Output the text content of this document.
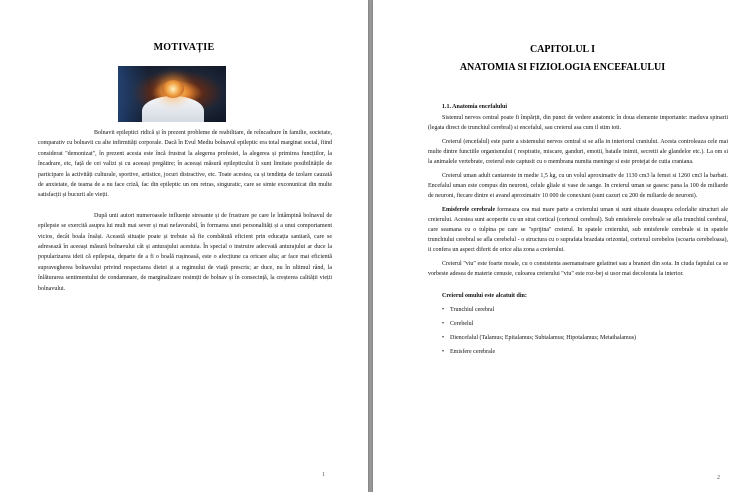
MOTIVAȚIE

Bolnavii epileptici ridică și în prezent probleme de reabilitare, de reîncadrare în familie, societate, comparativ cu bolnavii cu alte infirmități corporale. Dacă în Evul Mediu bolnavul epileptic era total marginat social, fiind considerat "demonizat", în prezent acesta este încă frustrat la alegerea profesiei, la alegerea și primirea funcțiilor, la încadrare, etc, față de cei valizi și cu aceeași pregătire; în aceeași măsură epilepticului îi sunt limitate posibilitățile de participare la activități culturale, sportive, artistice, jocuri distractive, etc. Toate acestea, ca și tendința de izolare cauzată de anxietate, de teama de a nu face criză, fac din epileptic un om retras, singuratic, care se simte exconunicat din multe satisfacții și bucurii ale vieții.

După unii autori numeroasele influențe stresante și de frustrare pe care le întâmpină bolnavul de epilepsie se exercită asupra lui mult mai sever și mai nefavorabil, în formarea unei personalități și a unui comportament vicios, decât boala însăși. Această situație poate și trebuie să fie combătută eficient prin educația sanitară, care se adresează în aceeași măsură bolnavului cât și anturajului acestuia. În special o instruire adecvată anturajului ar duce la popularizarea ideii că epilepsia, departe de a fi o boală rușinoasă, este o afecțiune ca oricare alta; ar face mai eficientă supravegherea bolnavului privind respectarea dietei și a regimului de viață prescris; ar duce, nu în ultimul rând, la înlăturarea sentimentului de condamnare, de marginalizare resimțit de bolnav și în consecință, la creșterea calității vieții bolnavului.

1
CAPITOLUL I
ANATOMIA SI FIZIOLOGIA ENCEFALULUI

1.1. Anatomia encefalului

Sistemul nervos central poate fi împărțit, din punct de vedere anatomic în doua elemente importante: maduva spinarii (legata direct de trunchiul cerebral) si encefalul, sau creierul asa cum il stim toti.

Creierul (encefalul) este parte a sistemului nervos central si se afla in interiorul craniului. Acesta controleaza cele mai multe dintre functiile organismului ( respiratie, miscare, ganduri, emotii, bataile inimii, secretii ale glandelor etc.). La om si la animalele vertebrate, creierul este captusit cu o membrana numita meninge si este protejat de cutia craniana.

Creierul uman adult cantareste in medie 1,5 kg, cu un volul aproximativ de 1130 cm3 la femei si 1260 cm3 la barbati. Encefalul uman este compus din neuroni, celule gliale si vase de sange. In creierul uman se gasesc pana la 100 de miliarde de neuroni, fiecare dintre ei avand aproximativ 10 000 de conexiuni (sunt cazuri cu 200 de miliarde de neuroni).

Emisferele cerebrale formeaza cea mai mare parte a creierului uman si sunt situate deasupra celorlalte structuri ale creierului. Acestea sunt acoperite cu un strat cortical (cortexul cerebral). Sub emisferele cerebrale se afla trunchiul cerebral, care seamana cu o tulpina pe care se "sprijina" creierul. In spatele creierului, sub emisferele cerebrale si in spatele trunchiului cerebral se afla cerebelul - o structura cu o suprafata brazdata orizontal, cortexul cerebelos (scoarta cerebeloasa), ii confera un aspect diferit de orice alta zona a creierului.

Creierul "viu" este foarte moale, cu o consistenta asemanatoare gelatinei sau a branzei din soia. In ciuda faptului ca se vorbeste adesea de materie cenusie, culoarea creierului "viu" este roz-bej si usor mai decolorata la interior.

Creierul omului este alcatuit din:
• Trunchiul cerebral
• Cerebelul
• Diencefalul (Talamus; Epitalamus; Subtalamus; Hipotalamus; Metathalamus)
• Emisfere cerebrale
2
